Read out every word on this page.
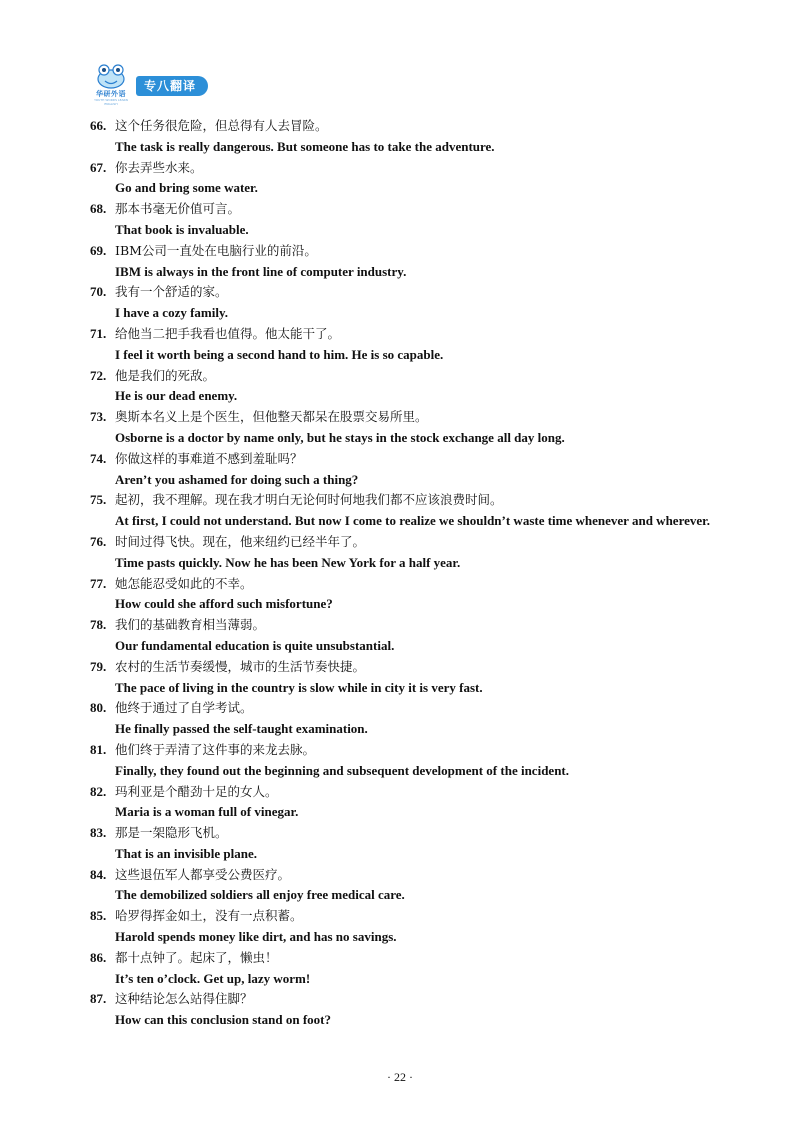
华研外语
YOUTH WORDS LEARN ENGLISH
专八翻译
66. 这个任务很危险，但总得有人去冒险。
The task is really dangerous. But someone has to take the adventure.
67. 你去弄些水来。
Go and bring some water.
68. 那本书毫无价值可言。
That book is invaluable.
69. IBM公司一直处在电脑行业的前沿。
IBM is always in the front line of computer industry.
70. 我有一个舒适的家。
I have a cozy family.
71. 给他当二把手我看也值得。他太能干了。
I feel it worth being a second hand to him. He is so capable.
72. 他是我们的死敌。
He is our dead enemy.
73. 奥斯本名义上是个医生，但他整天都呆在股票交易所里。
Osborne is a doctor by name only, but he stays in the stock exchange all day long.
74. 你做这样的事难道不感到羞耻吗？
Aren’t you ashamed for doing such a thing?
75. 起初，我不理解。现在我才明白无论何时何地我们都不应该浪费时间。
At first, I could not understand. But now I come to realize we shouldn’t waste time whenever and wherever.
76. 时间过得飞快。现在，他来纽约已经半年了。
Time pasts quickly. Now he has been New York for a half year.
77. 她怎能忍受如此的不幸。
How could she afford such misfortune?
78. 我们的基础教育相当薄弱。
Our fundamental education is quite unsubstantial.
79. 农村的生活节奏缓慢，城市的生活节奏快捷。
The pace of living in the country is slow while in city it is very fast.
80. 他终于通过了自学考试。
He finally passed the self-taught examination.
81. 他们终于弄清了这件事的来龙去脉。
Finally, they found out the beginning and subsequent development of the incident.
82. 玛利亚是个醋劲十足的女人。
Maria is a woman full of vinegar.
83. 那是一架隐形飞机。
That is an invisible plane.
84. 这些退伍军人都享受公费医疗。
The demobilized soldiers all enjoy free medical care.
85. 哈罗得挥金如土，没有一点积蓄。
Harold spends money like dirt, and has no savings.
86. 都十点钟了。起床了，懒虫！
It’s ten o’clock. Get up, lazy worm!
87. 这种结论怎么站得住脚？
How can this conclusion stand on foot?
· 22 ·
